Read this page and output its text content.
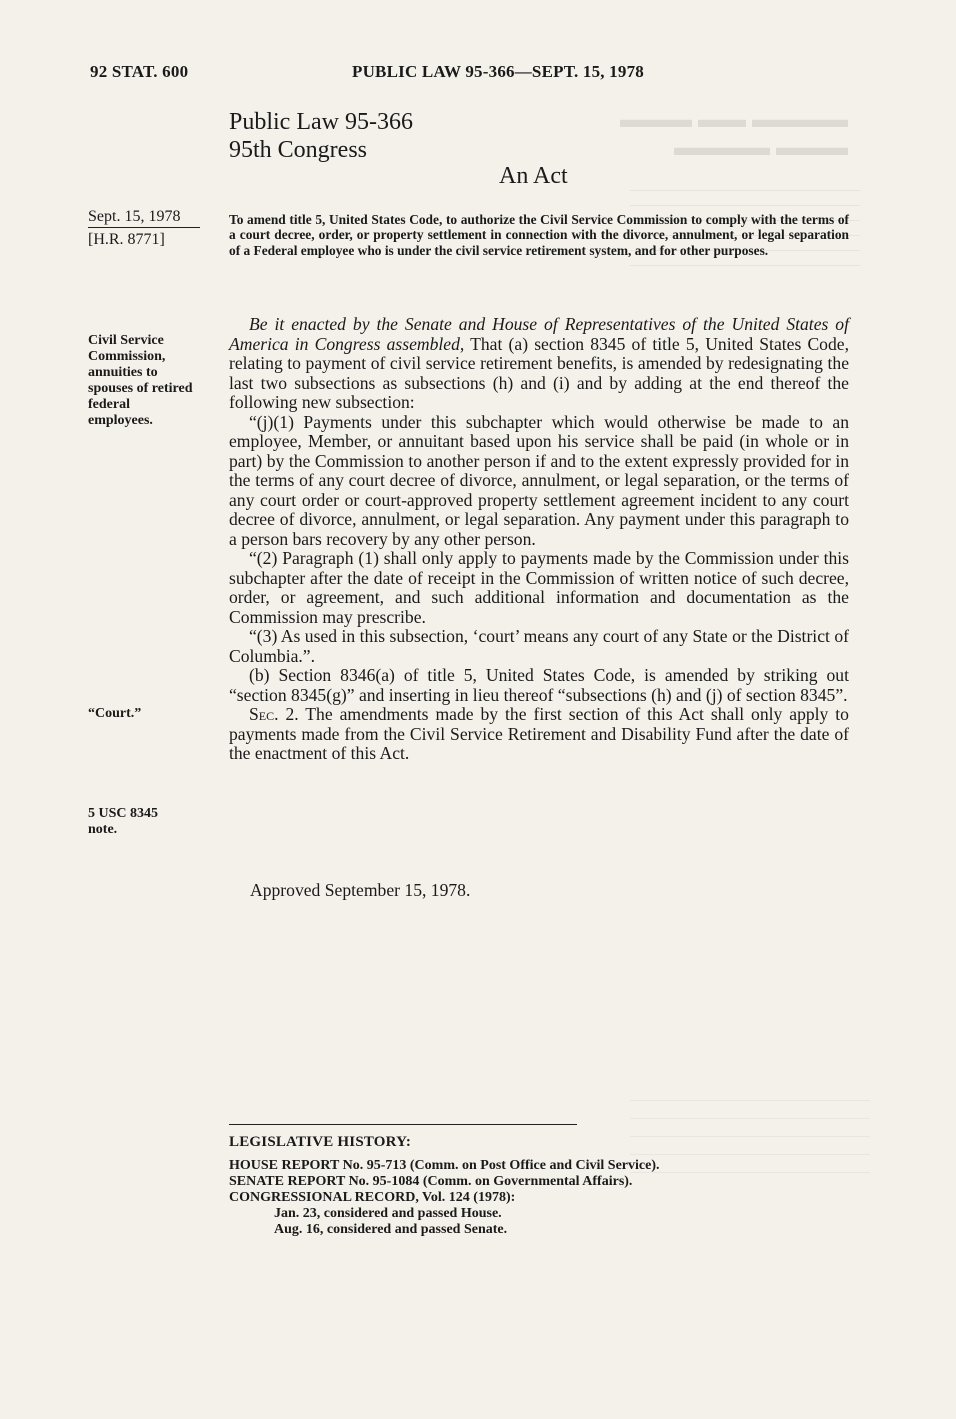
▬▬▬▬ ▬▬ ▬▬▬
▬▬▬ ▬▬▬▬
92 STAT. 600	PUBLIC LAW 95-366—SEPT. 15, 1978
Public Law 95-366
95th Congress
An Act
Sept. 15, 1978
[H.R. 8771]
Civil Service
Commission,
annuities to
spouses of retired
federal
employees.
“Court.”
5 USC 8345
note.
To amend title 5, United States Code, to authorize the Civil Service Commission to comply with the terms of a court decree, order, or property settlement in connection with the divorce, annulment, or legal separation of a Federal employee who is under the civil service retirement system, and for other purposes.

Be it enacted by the Senate and House of Representatives of the United States of America in Congress assembled, That (a) section 8345 of title 5, United States Code, relating to payment of civil service retirement benefits, is amended by redesignating the last two subsections as subsections (h) and (i) and by adding at the end thereof the following new subsection:

“(j)(1) Payments under this subchapter which would otherwise be made to an employee, Member, or annuitant based upon his service shall be paid (in whole or in part) by the Commission to another person if and to the extent expressly provided for in the terms of any court decree of divorce, annulment, or legal separation, or the terms of any court order or court-approved property settlement agreement incident to any court decree of divorce, annulment, or legal separation. Any payment under this paragraph to a person bars recovery by any other person.

“(2) Paragraph (1) shall only apply to payments made by the Commission under this subchapter after the date of receipt in the Commission of written notice of such decree, order, or agreement, and such additional information and documentation as the Commission may prescribe.

“(3) As used in this subsection, ‘court’ means any court of any State or the District of Columbia.”.

(b) Section 8346(a) of title 5, United States Code, is amended by striking out “section 8345(g)” and inserting in lieu thereof “subsections (h) and (j) of section 8345”.

Sec. 2. The amendments made by the first section of this Act shall only apply to payments made from the Civil Service Retirement and Disability Fund after the date of the enactment of this Act.

Approved September 15, 1978.
LEGISLATIVE HISTORY:
HOUSE REPORT No. 95-713 (Comm. on Post Office and Civil Service).
SENATE REPORT No. 95-1084 (Comm. on Governmental Affairs).
CONGRESSIONAL RECORD, Vol. 124 (1978):
Jan. 23, considered and passed House.
Aug. 16, considered and passed Senate.
